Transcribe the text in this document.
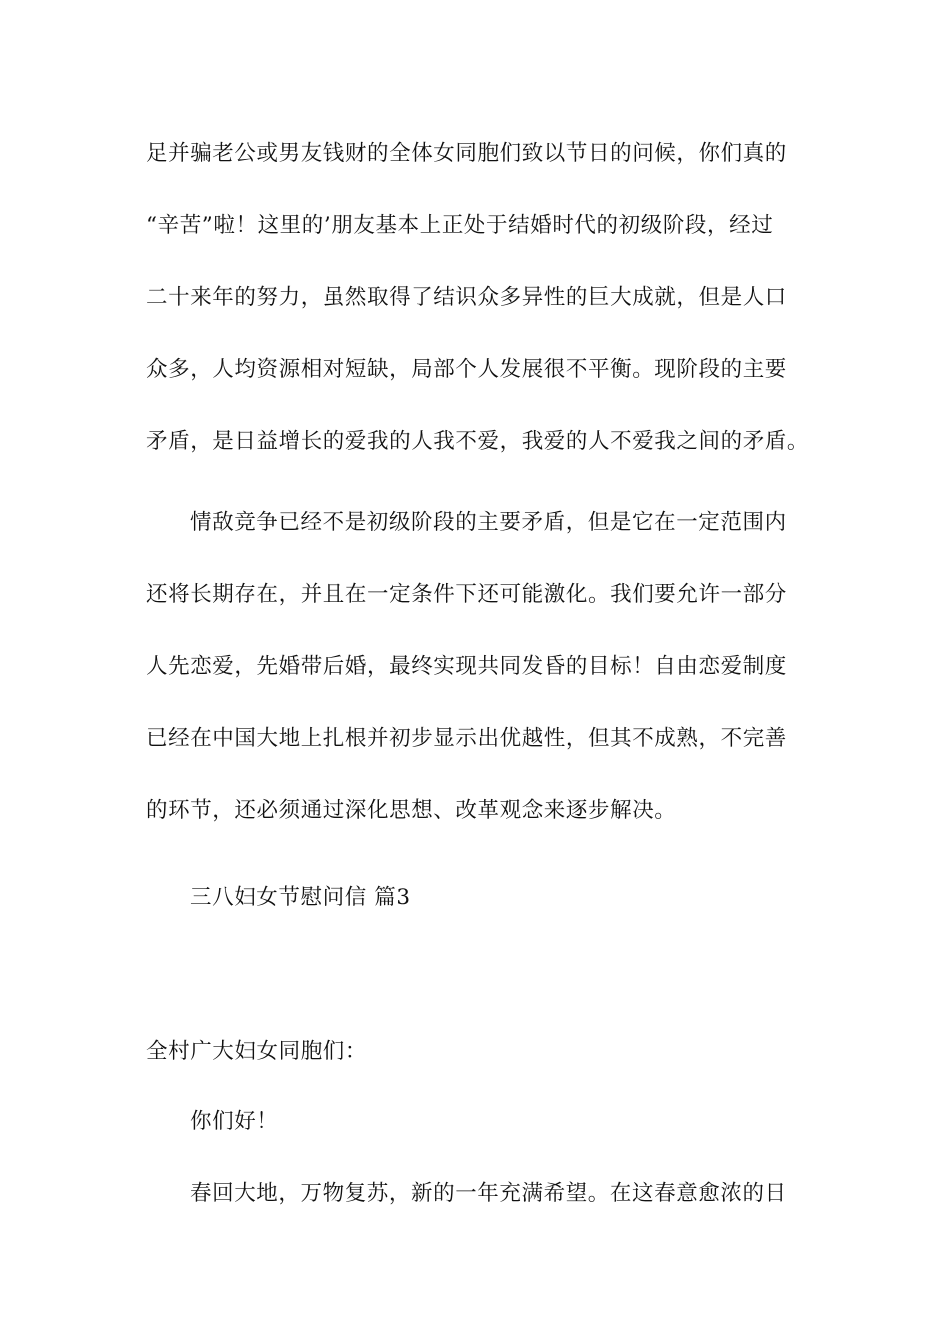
足并骗老公或男友钱财的全体女同胞们致以节日的问候，你们真的
“辛苦”啦！这里的’朋友基本上正处于结婚时代的初级阶段，经过
二十来年的努力，虽然取得了结识众多异性的巨大成就，但是人口
众多，人均资源相对短缺，局部个人发展很不平衡。现阶段的主要
矛盾，是日益增长的爱我的人我不爱，我爱的人不爱我之间的矛盾。
情敌竞争已经不是初级阶段的主要矛盾，但是它在一定范围内
还将长期存在，并且在一定条件下还可能激化。我们要允许一部分
人先恋爱，先婚带后婚，最终实现共同发昏的目标！自由恋爱制度
已经在中国大地上扎根并初步显示出优越性，但其不成熟，不完善
的环节，还必须通过深化思想、改革观念来逐步解决。
三八妇女节慰问信 篇3
全村广大妇女同胞们：
你们好！
春回大地，万物复苏，新的一年充满希望。在这春意愈浓的日
